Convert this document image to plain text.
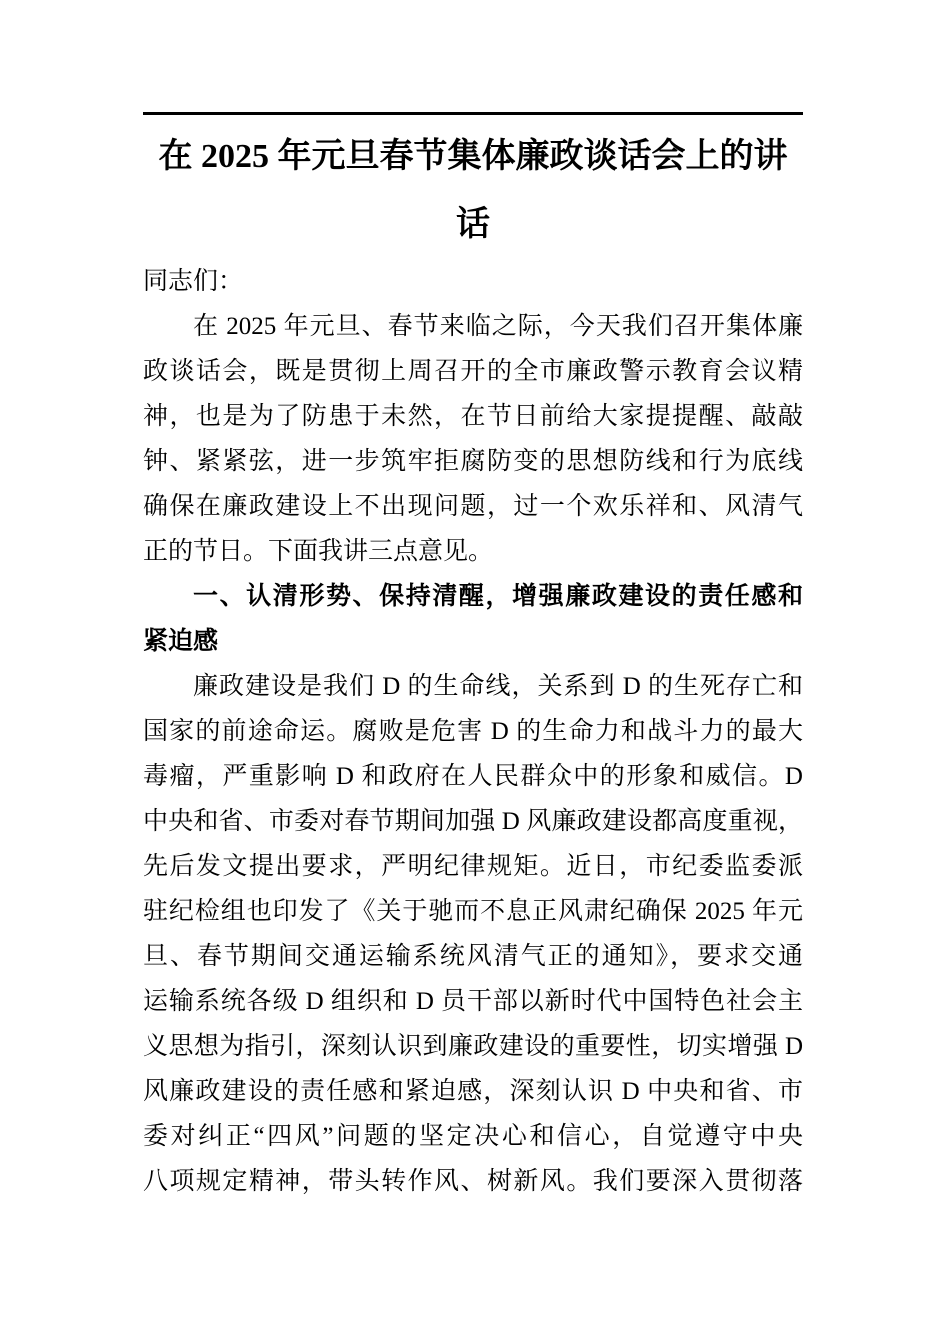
在 2025 年元旦春节集体廉政谈话会上的讲
话

同志们：

在 2025 年元旦、春节来临之际，今天我们召开集体廉
政谈话会，既是贯彻上周召开的全市廉政警示教育会议精
神，也是为了防患于未然，在节日前给大家提提醒、敲敲
钟、紧紧弦，进一步筑牢拒腐防变的思想防线和行为底线
确保在廉政建设上不出现问题，过一个欢乐祥和、风清气
正的节日。下面我讲三点意见。
一、认清形势、保持清醒，增强廉政建设的责任感和
紧迫感
廉政建设是我们 D 的生命线，关系到 D 的生死存亡和
国家的前途命运。腐败是危害 D 的生命力和战斗力的最大
毒瘤，严重影响 D 和政府在人民群众中的形象和威信。D
中央和省、市委对春节期间加强 D 风廉政建设都高度重视，
先后发文提出要求，严明纪律规矩。近日，市纪委监委派
驻纪检组也印发了《关于驰而不息正风肃纪确保 2025 年元
旦、春节期间交通运输系统风清气正的通知》，要求交通
运输系统各级 D 组织和 D 员干部以新时代中国特色社会主
义思想为指引，深刻认识到廉政建设的重要性，切实增强 D
风廉政建设的责任感和紧迫感，深刻认识 D 中央和省、市
委对纠正“四风”问题的坚定决心和信心，自觉遵守中央
八项规定精神，带头转作风、树新风。我们要深入贯彻落
